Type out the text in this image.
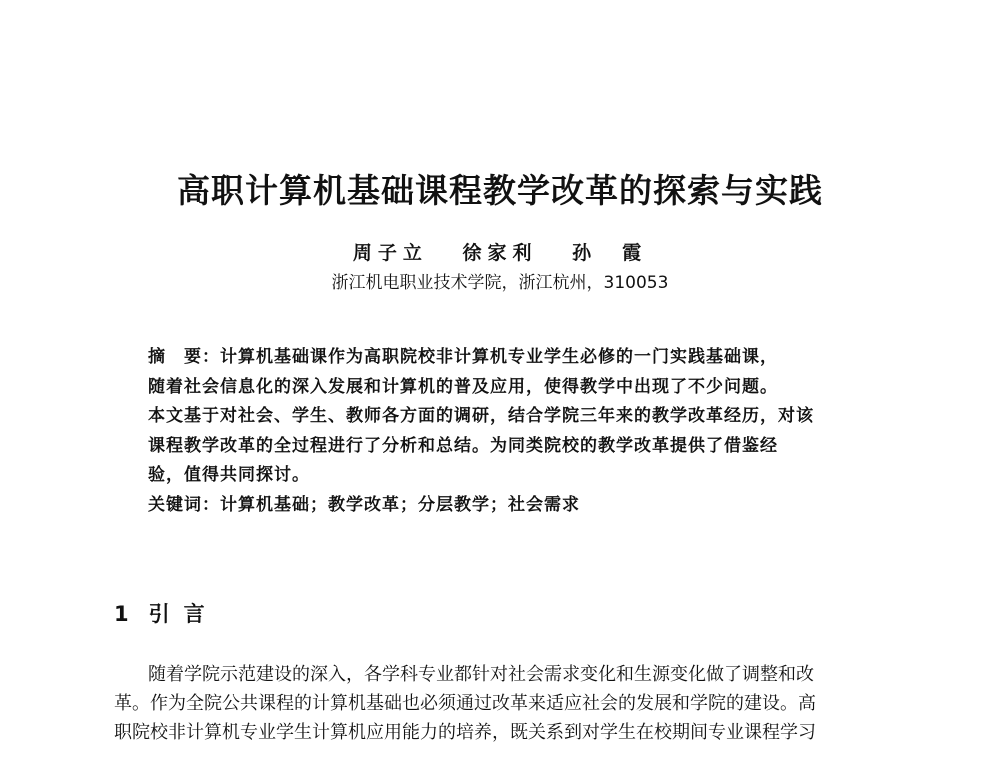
高职计算机基础课程教学改革的探索与实践
周子立 徐家利 孙　霞
浙江机电职业技术学院，浙江杭州，310053
摘　要：计算机基础课作为高职院校非计算机专业学生必修的一门实践基础课，
随着社会信息化的深入发展和计算机的普及应用，使得教学中出现了不少问题。
本文基于对社会、学生、教师各方面的调研，结合学院三年来的教学改革经历，对该
课程教学改革的全过程进行了分析和总结。为同类院校的教学改革提供了借鉴经
验，值得共同探讨。
关键词：计算机基础；教学改革；分层教学；社会需求
1 引言
随着学院示范建设的深入，各学科专业都针对社会需求变化和生源变化做了调整和改
革。作为全院公共课程的计算机基础也必须通过改革来适应社会的发展和学院的建设。高
职院校非计算机专业学生计算机应用能力的培养，既关系到对学生在校期间专业课程学习
